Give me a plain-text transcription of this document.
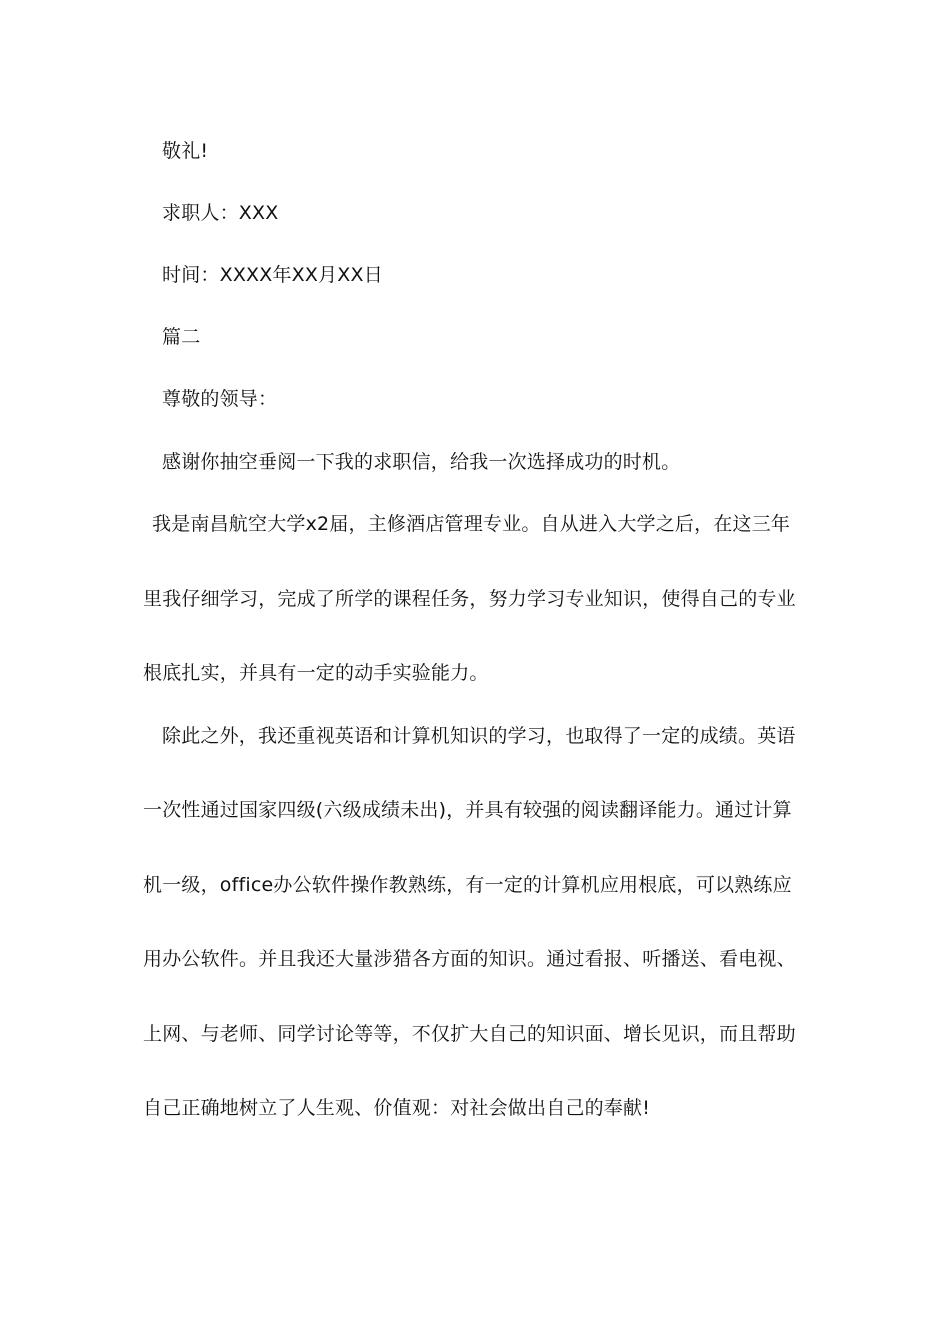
敬礼!
求职人：XXX
时间：XXXX年XX月XX日
篇二
尊敬的领导：
感谢你抽空垂阅一下我的求职信，给我一次选择成功的时机。
我是南昌航空大学x2届，主修酒店管理专业。自从进入大学之后，在这三年
里我仔细学习，完成了所学的课程任务，努力学习专业知识，使得自己的专业
根底扎实，并具有一定的动手实验能力。
除此之外，我还重视英语和计算机知识的学习，也取得了一定的成绩。英语
一次性通过国家四级(六级成绩未出)，并具有较强的阅读翻译能力。通过计算
机一级，office办公软件操作教熟练，有一定的计算机应用根底，可以熟练应
用办公软件。并且我还大量涉猎各方面的知识。通过看报、听播送、看电视、
上网、与老师、同学讨论等等，不仅扩大自己的知识面、增长见识，而且帮助
自己正确地树立了人生观、价值观：对社会做出自己的奉献!
